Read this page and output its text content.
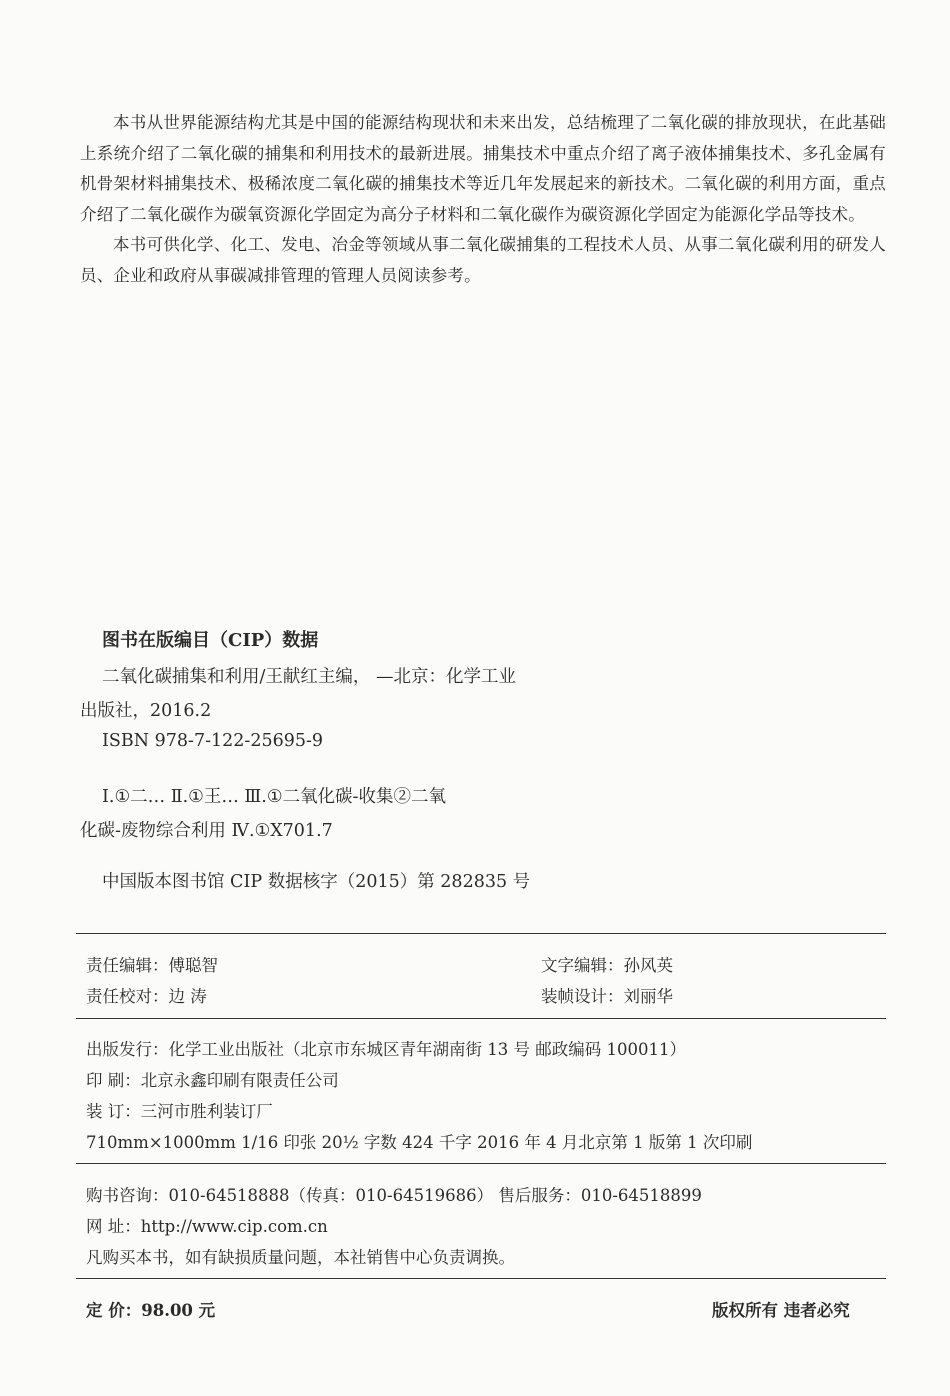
本书从世界能源结构尤其是中国的能源结构现状和未来出发，总结梳理了二氧化碳的排放现状，在此基础上系统介绍了二氧化碳的捕集和利用技术的最新进展。捕集技术中重点介绍了离子液体捕集技术、多孔金属有机骨架材料捕集技术、极稀浓度二氧化碳的捕集技术等近几年发展起来的新技术。二氧化碳的利用方面，重点介绍了二氧化碳作为碳氧资源化学固定为高分子材料和二氧化碳作为碳资源化学固定为能源化学品等技术。

本书可供化学、化工、发电、冶金等领域从事二氧化碳捕集的工程技术人员、从事二氧化碳利用的研发人员、企业和政府从事碳减排管理的管理人员阅读参考。

图书在版编目（CIP）数据
二氧化碳捕集和利用/王献红主编， —北京：化学工业
出版社，2016.2
ISBN 978-7-122-25695-9
Ⅰ.①二… Ⅱ.①王… Ⅲ.①二氧化碳-收集②二氧
化碳-废物综合利用 Ⅳ.①X701.7
中国版本图书馆 CIP 数据核字（2015）第 282835 号
责任编辑：傅聪智
责任校对：边 涛
文字编辑：孙风英
装帧设计：刘丽华
出版发行：化学工业出版社（北京市东城区青年湖南街 13 号 邮政编码 100011）
印 刷：北京永鑫印刷有限责任公司
装 订：三河市胜利装订厂
710mm×1000mm 1/16 印张 20½ 字数 424 千字 2016 年 4 月北京第 1 版第 1 次印刷
购书咨询：010-64518888（传真：010-64519686） 售后服务：010-64518899
网 址：http://www.cip.com.cn
凡购买本书，如有缺损质量问题，本社销售中心负责调换。
定 价：98.00 元	版权所有 违者必究
